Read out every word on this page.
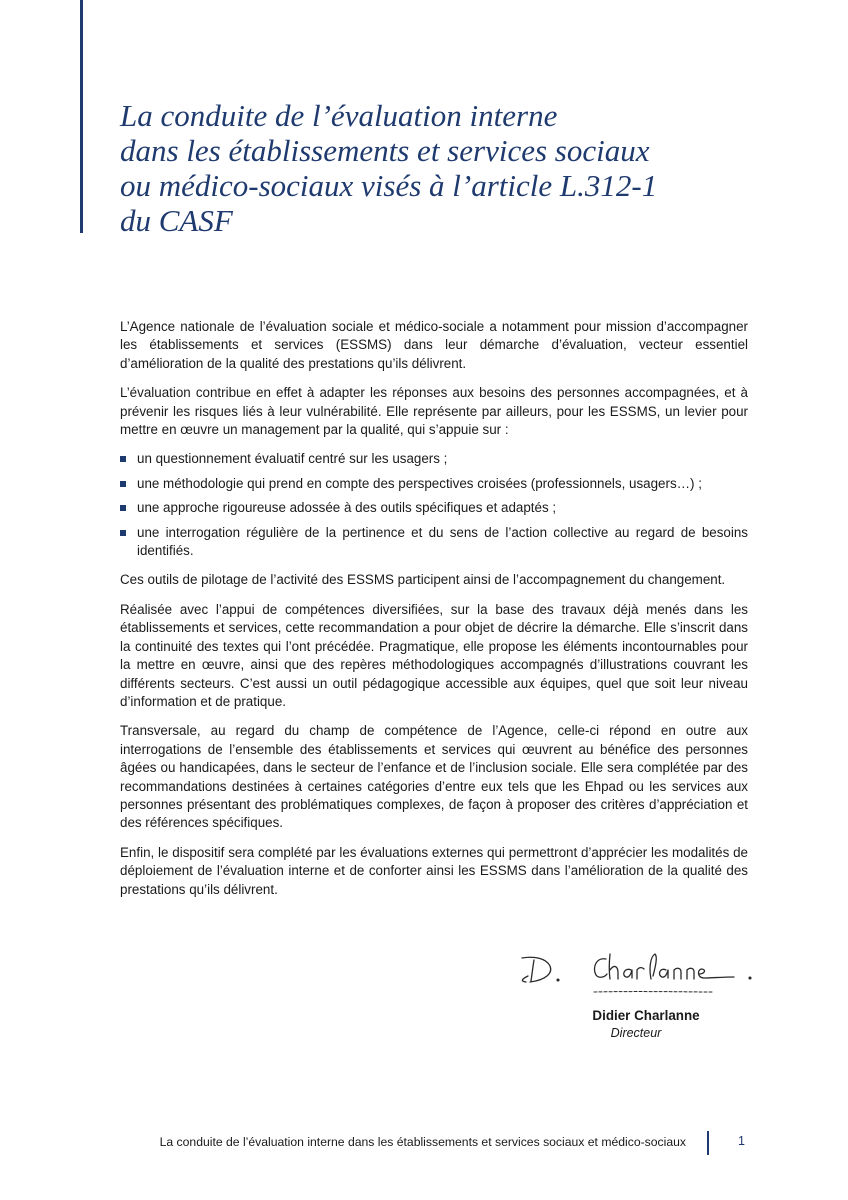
La conduite de l’évaluation interne
dans les établissements et services sociaux
ou médico-sociaux visés à l’article L.312-1
du CASF

L’Agence nationale de l’évaluation sociale et médico-sociale a notamment pour mission d’accompagner les établissements et services (ESSMS) dans leur démarche d’évaluation, vecteur essentiel d’amélioration de la qualité des prestations qu’ils délivrent.

L’évaluation contribue en effet à adapter les réponses aux besoins des personnes accompagnées, et à prévenir les risques liés à leur vulnérabilité. Elle représente par ailleurs, pour les ESSMS, un levier pour mettre en œuvre un management par la qualité, qui s’appuie sur :

un questionnement évaluatif centré sur les usagers ;
une méthodologie qui prend en compte des perspectives croisées (professionnels, usagers…) ;
une approche rigoureuse adossée à des outils spécifiques et adaptés ;
une interrogation régulière de la pertinence et du sens de l’action collective au regard de besoins identifiés.

Ces outils de pilotage de l’activité des ESSMS participent ainsi de l’accompagnement du changement.

Réalisée avec l’appui de compétences diversifiées, sur la base des travaux déjà menés dans les établissements et services, cette recommandation a pour objet de décrire la démarche. Elle s’inscrit dans la continuité des textes qui l’ont précédée. Pragmatique, elle propose les éléments incontournables pour la mettre en œuvre, ainsi que des repères méthodologiques accompagnés d’illustrations couvrant les différents secteurs. C’est aussi un outil pédagogique accessible aux équipes, quel que soit leur niveau d’information et de pratique.

Transversale, au regard du champ de compétence de l’Agence, celle-ci répond en outre aux interrogations de l’ensemble des établissements et services qui œuvrent au bénéfice des personnes âgées ou handicapées, dans le secteur de l’enfance et de l’inclusion sociale. Elle sera complétée par des recommandations destinées à certaines catégories d’entre eux tels que les Ehpad ou les services aux personnes présentant des problématiques complexes, de façon à proposer des critères d’appréciation et des références spécifiques.

Enfin, le dispositif sera complété par les évaluations externes qui permettront d’apprécier les modalités de déploiement de l’évaluation interne et de conforter ainsi les ESSMS dans l’amélioration de la qualité des prestations qu’ils délivrent.

Didier Charlanne
Directeur
La conduite de l’évaluation interne dans les établissements et services sociaux et médico-sociaux	1
